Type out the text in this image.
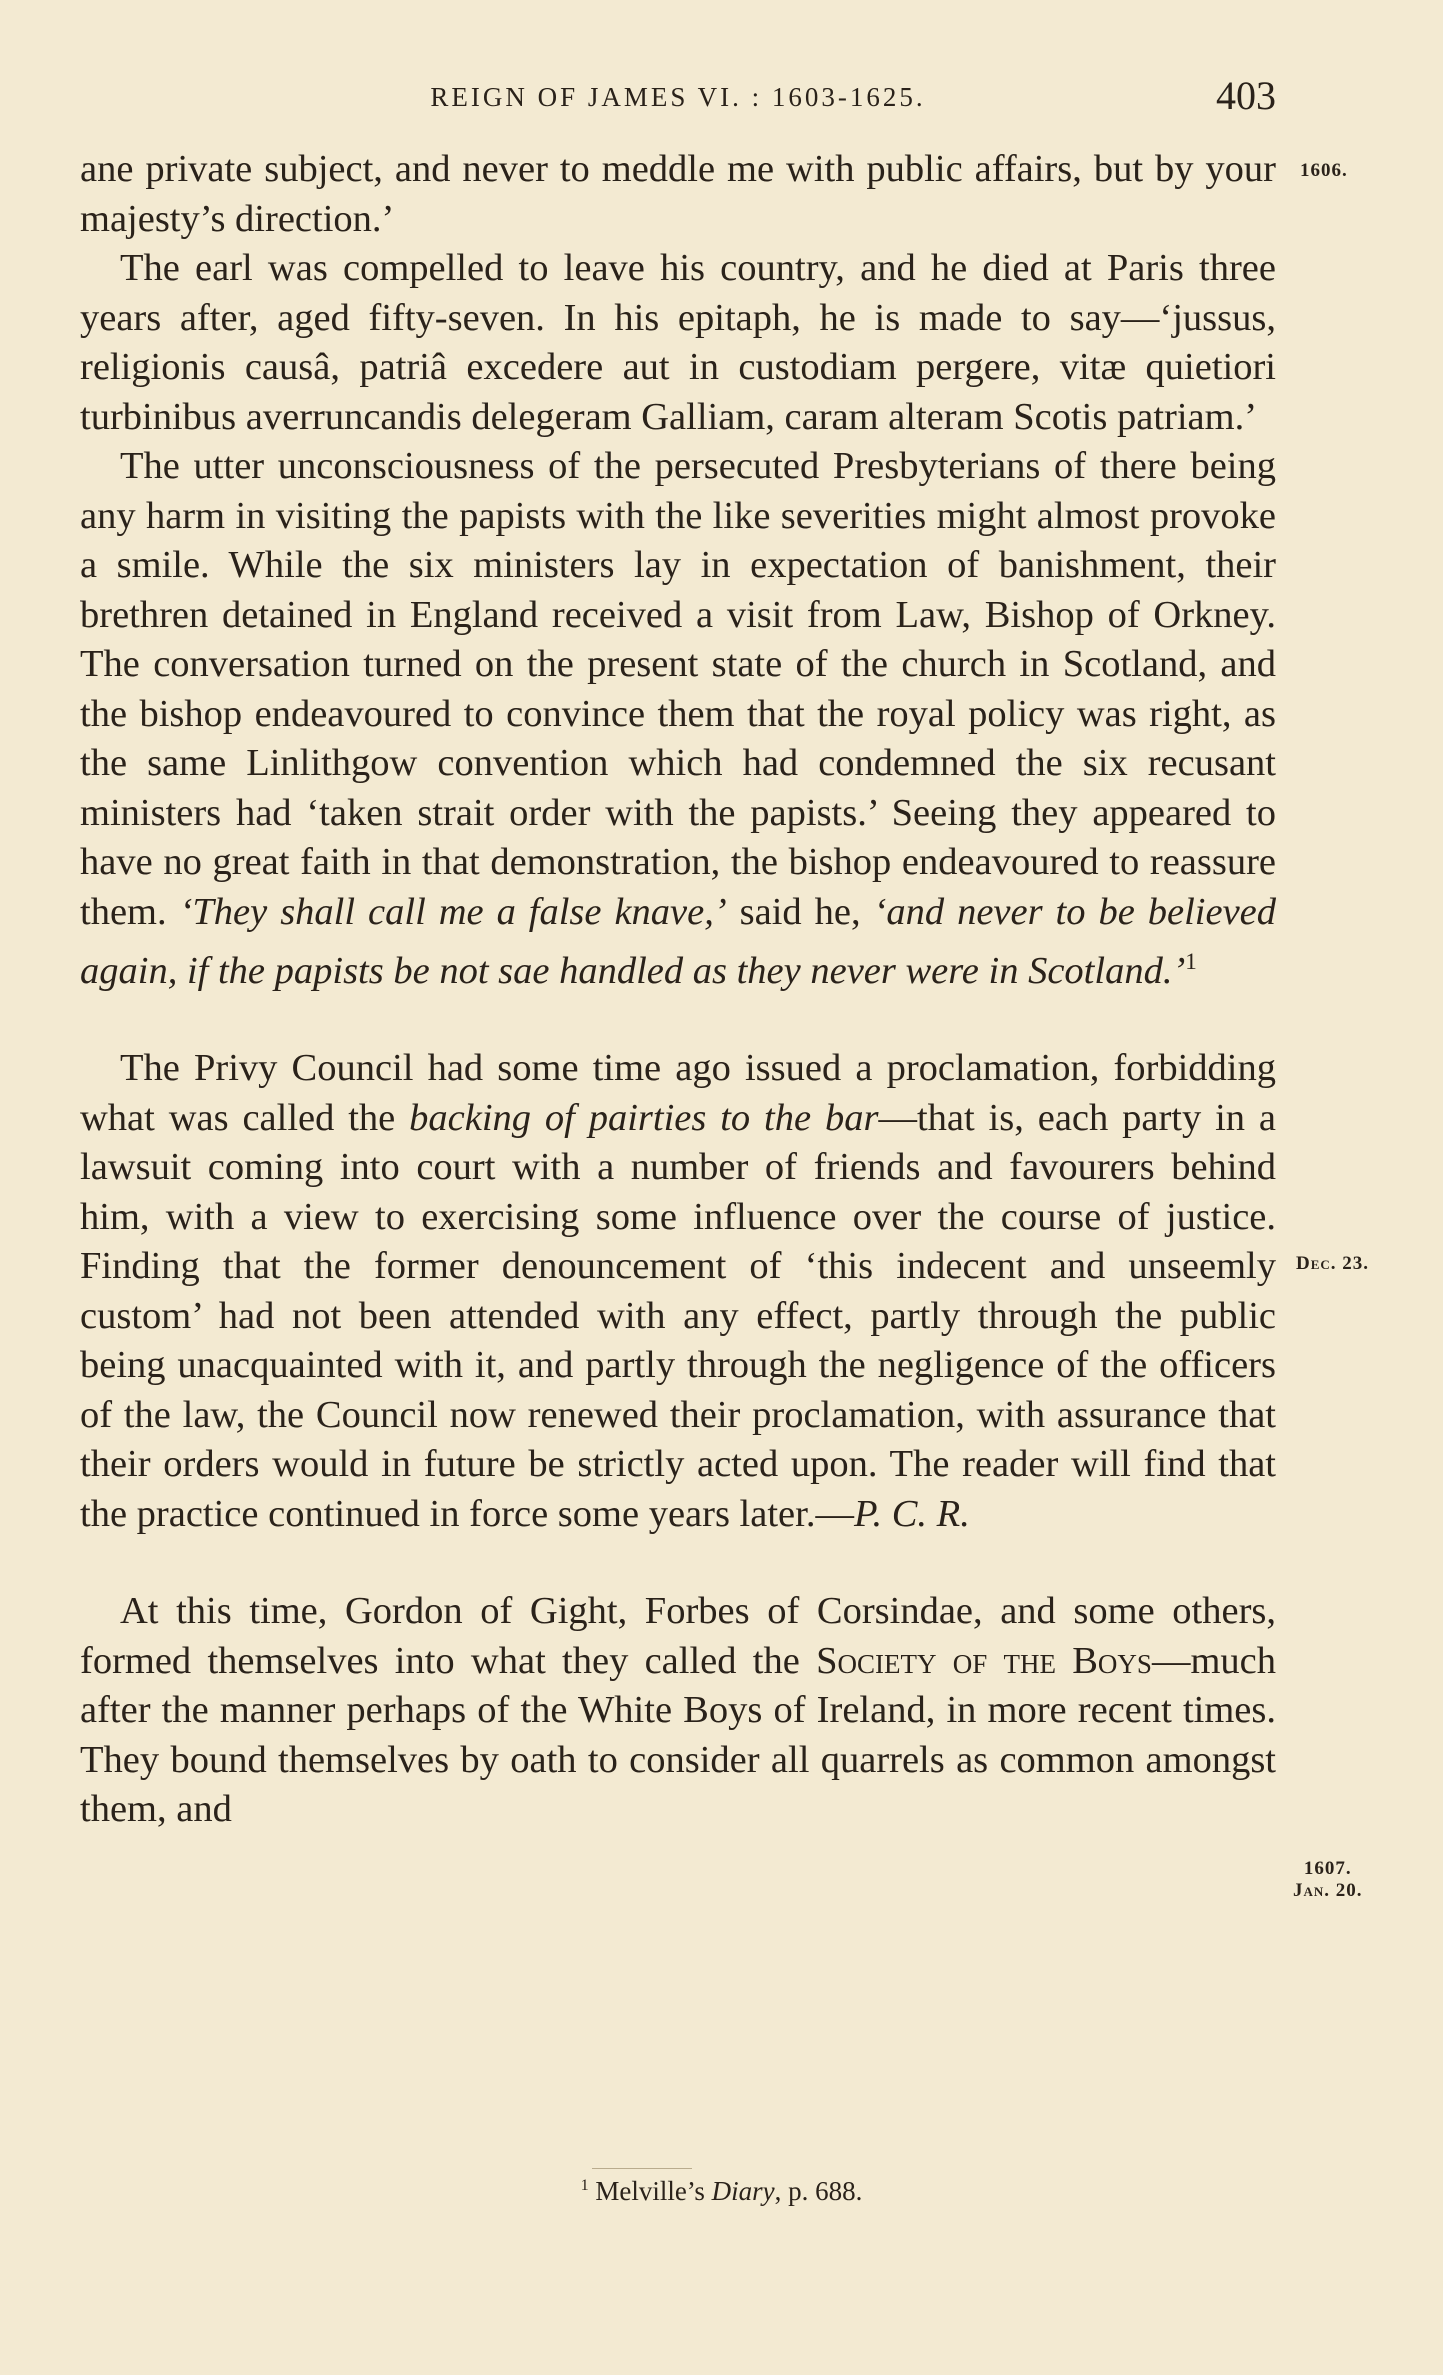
REIGN OF JAMES VI. : 1603-1625.	403
1606.
Dec. 23.
1607.
Jan. 20.

ane private subject, and never to meddle me with public affairs, but by your majesty’s direction.’

The earl was compelled to leave his country, and he died at Paris three years after, aged fifty-seven. In his epitaph, he is made to say—‘jussus, religionis causâ, patriâ excedere aut in custodiam pergere, vitæ quietiori turbinibus averruncandis delegeram Galliam, caram alteram Scotis patriam.’

The utter unconsciousness of the persecuted Presbyterians of there being any harm in visiting the papists with the like severities might almost provoke a smile. While the six ministers lay in expectation of banishment, their brethren detained in England received a visit from Law, Bishop of Orkney. The conversation turned on the present state of the church in Scotland, and the bishop endeavoured to convince them that the royal policy was right, as the same Linlithgow convention which had condemned the six recusant ministers had ‘taken strait order with the papists.’ Seeing they appeared to have no great faith in that demonstration, the bishop endeavoured to reassure them. ‘They shall call me a false knave,’ said he, ‘and never to be believed again, if the papists be not sae handled as they never were in Scotland.’$^1$

The Privy Council had some time ago issued a proclamation, forbidding what was called the backing of pairties to the bar—that is, each party in a lawsuit coming into court with a number of friends and favourers behind him, with a view to exercising some influence over the course of justice. Finding that the former denouncement of ‘this indecent and unseemly custom’ had not been attended with any effect, partly through the public being unacquainted with it, and partly through the negligence of the officers of the law, the Council now renewed their proclamation, with assurance that their orders would in future be strictly acted upon. The reader will find that the practice continued in force some years later.—P. C. R.

At this time, Gordon of Gight, Forbes of Corsindae, and some others, formed themselves into what they called the Society of the Boys—much after the manner perhaps of the White Boys of Ireland, in more recent times. They bound themselves by oath to consider all quarrels as common amongst them, and

$^1$ Melville’s Diary, p. 688.
